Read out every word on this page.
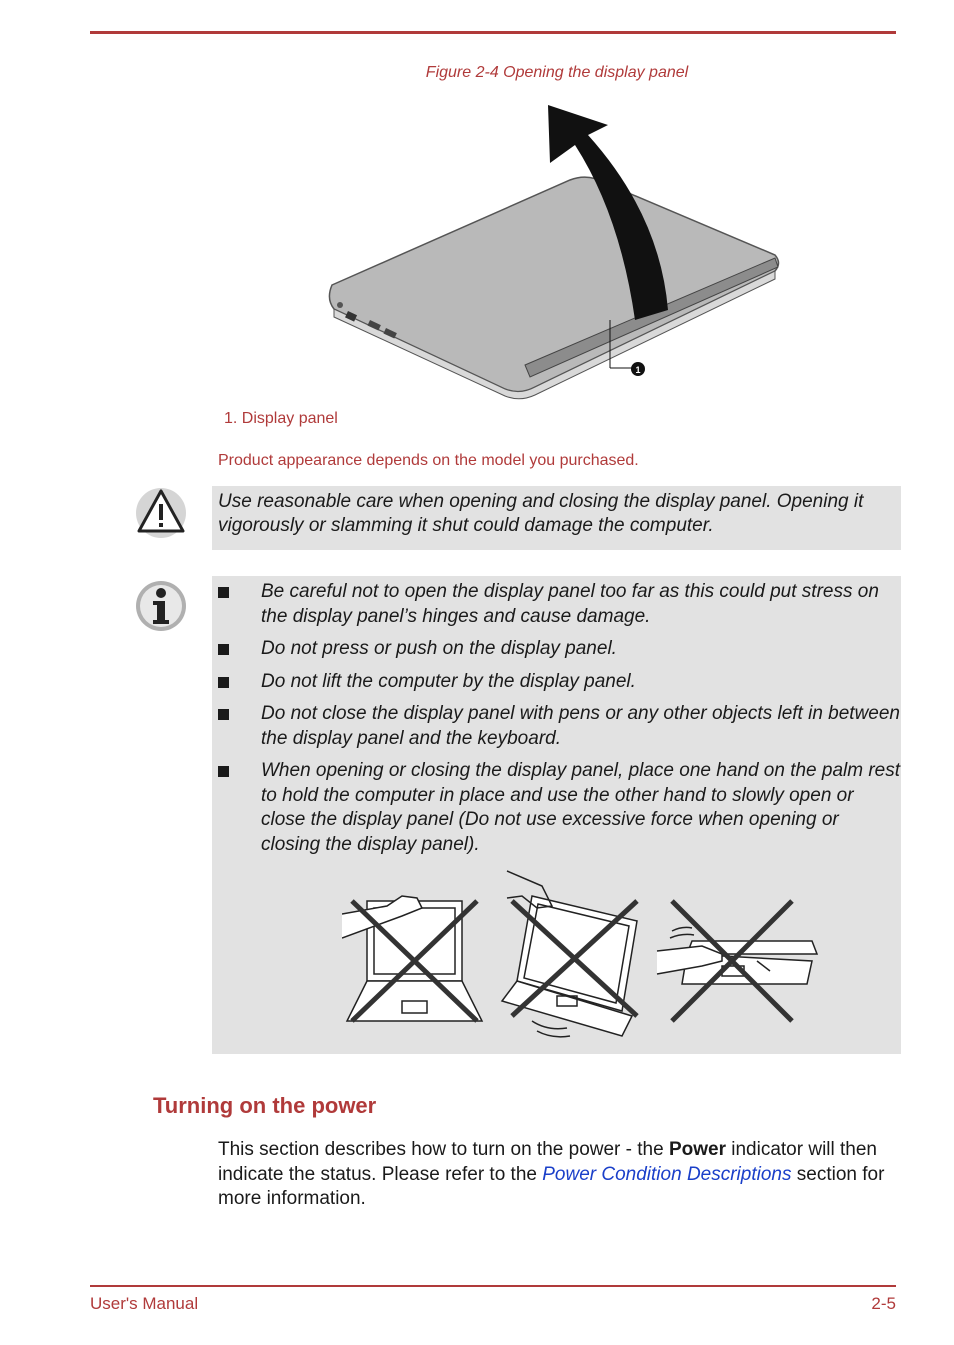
Figure 2-4 Opening the display panel
1
1. Display panel
Product appearance depends on the model you purchased.

Use reasonable care when opening and closing the display panel. Opening it vigorously or slamming it shut could damage the computer.

Be careful not to open the display panel too far as this could put stress on the display panel’s hinges and cause damage.
Do not press or push on the display panel.
Do not lift the computer by the display panel.
Do not close the display panel with pens or any other objects left in between the display panel and the keyboard.
When opening or closing the display panel, place one hand on the palm rest to hold the computer in place and use the other hand to slowly open or close the display panel (Do not use excessive force when opening or closing the display panel).
Turning on the power

This section describes how to turn on the power - the Power indicator will then indicate the status. Please refer to the Power Condition Descriptions section for more information.

User's Manual	2-5
